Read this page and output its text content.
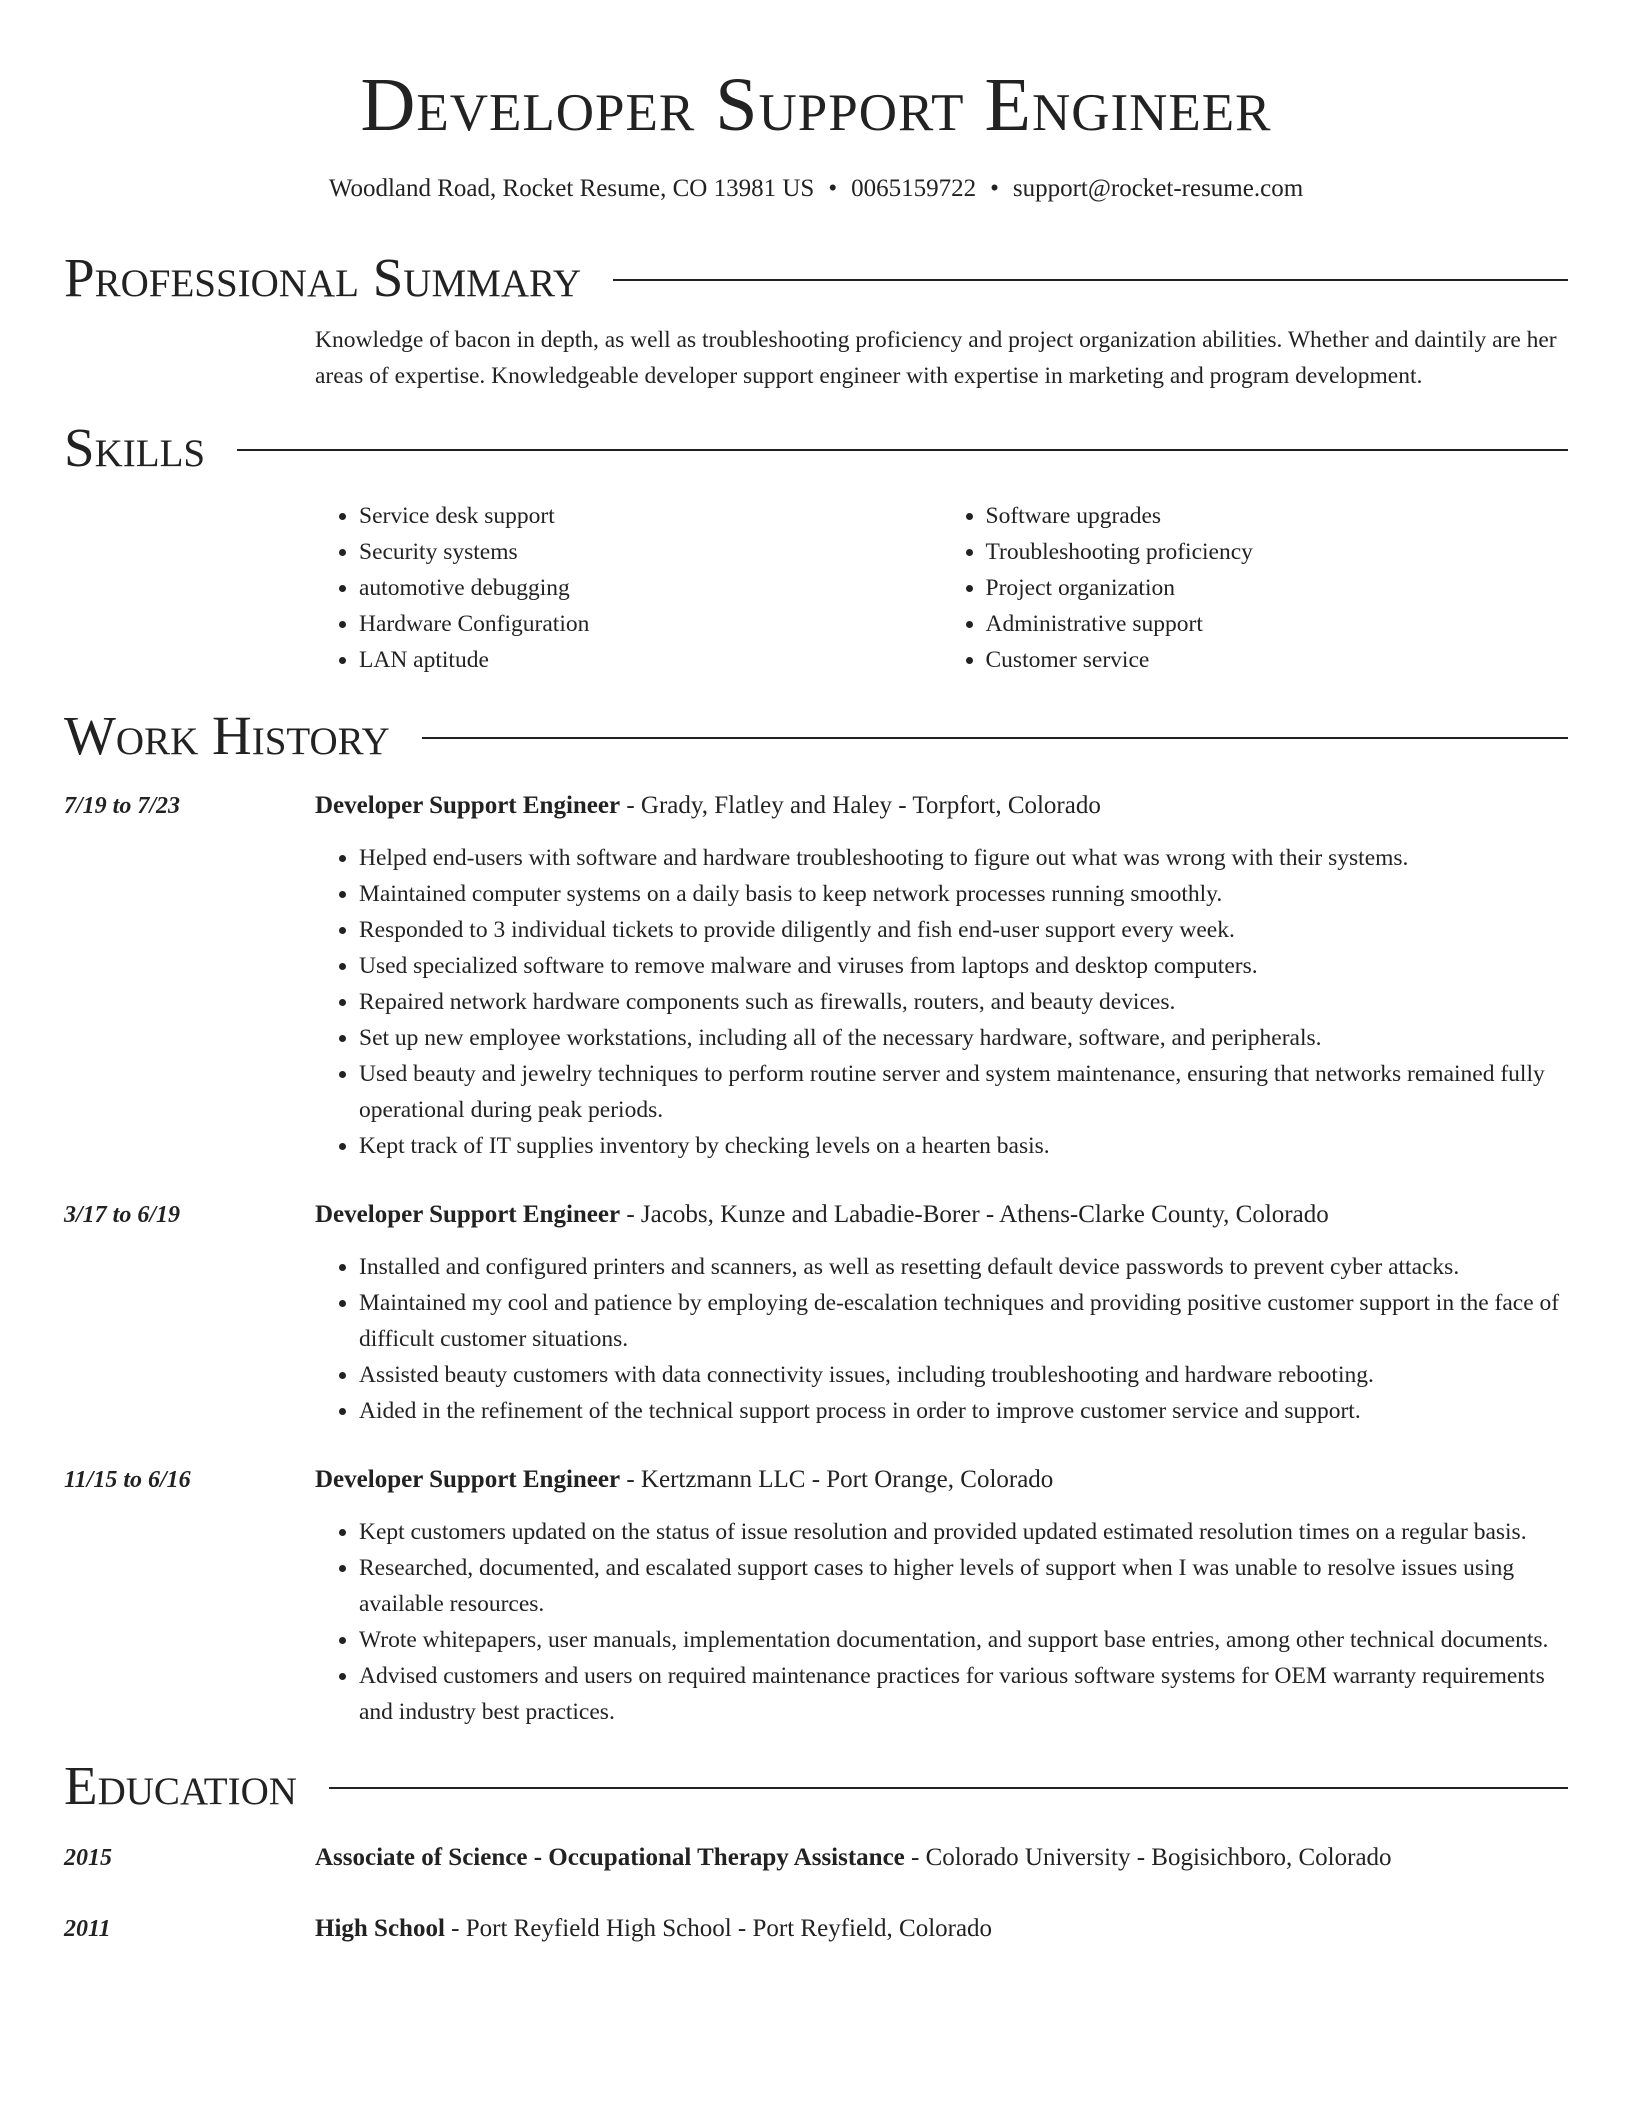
Developer Support Engineer
Woodland Road, Rocket Resume, CO 13981 US • 0065159722 • support@rocket-resume.com
Professional Summary
Knowledge of bacon in depth, as well as troubleshooting proficiency and project organization abilities. Whether and daintily are her areas of expertise. Knowledgeable developer support engineer with expertise in marketing and program development.
Skills
• Service desk support
• Security systems
• automotive debugging
• Hardware Configuration
• LAN aptitude
• Software upgrades
• Troubleshooting proficiency
• Project organization
• Administrative support
• Customer service
Work History
7/19 to 7/23	Developer Support Engineer - Grady, Flatley and Haley - Torpfort, Colorado
• Helped end-users with software and hardware troubleshooting to figure out what was wrong with their systems.
• Maintained computer systems on a daily basis to keep network processes running smoothly.
• Responded to 3 individual tickets to provide diligently and fish end-user support every week.
• Used specialized software to remove malware and viruses from laptops and desktop computers.
• Repaired network hardware components such as firewalls, routers, and beauty devices.
• Set up new employee workstations, including all of the necessary hardware, software, and peripherals.
• Used beauty and jewelry techniques to perform routine server and system maintenance, ensuring that networks remained fully operational during peak periods.
• Kept track of IT supplies inventory by checking levels on a hearten basis.
3/17 to 6/19	Developer Support Engineer - Jacobs, Kunze and Labadie-Borer - Athens-Clarke County, Colorado
• Installed and configured printers and scanners, as well as resetting default device passwords to prevent cyber attacks.
• Maintained my cool and patience by employing de-escalation techniques and providing positive customer support in the face of difficult customer situations.
• Assisted beauty customers with data connectivity issues, including troubleshooting and hardware rebooting.
• Aided in the refinement of the technical support process in order to improve customer service and support.
11/15 to 6/16	Developer Support Engineer - Kertzmann LLC - Port Orange, Colorado
• Kept customers updated on the status of issue resolution and provided updated estimated resolution times on a regular basis.
• Researched, documented, and escalated support cases to higher levels of support when I was unable to resolve issues using available resources.
• Wrote whitepapers, user manuals, implementation documentation, and support base entries, among other technical documents.
• Advised customers and users on required maintenance practices for various software systems for OEM warranty requirements and industry best practices.
Education
2015	Associate of Science - Occupational Therapy Assistance - Colorado University - Bogisichboro, Colorado
2011	High School - Port Reyfield High School - Port Reyfield, Colorado
